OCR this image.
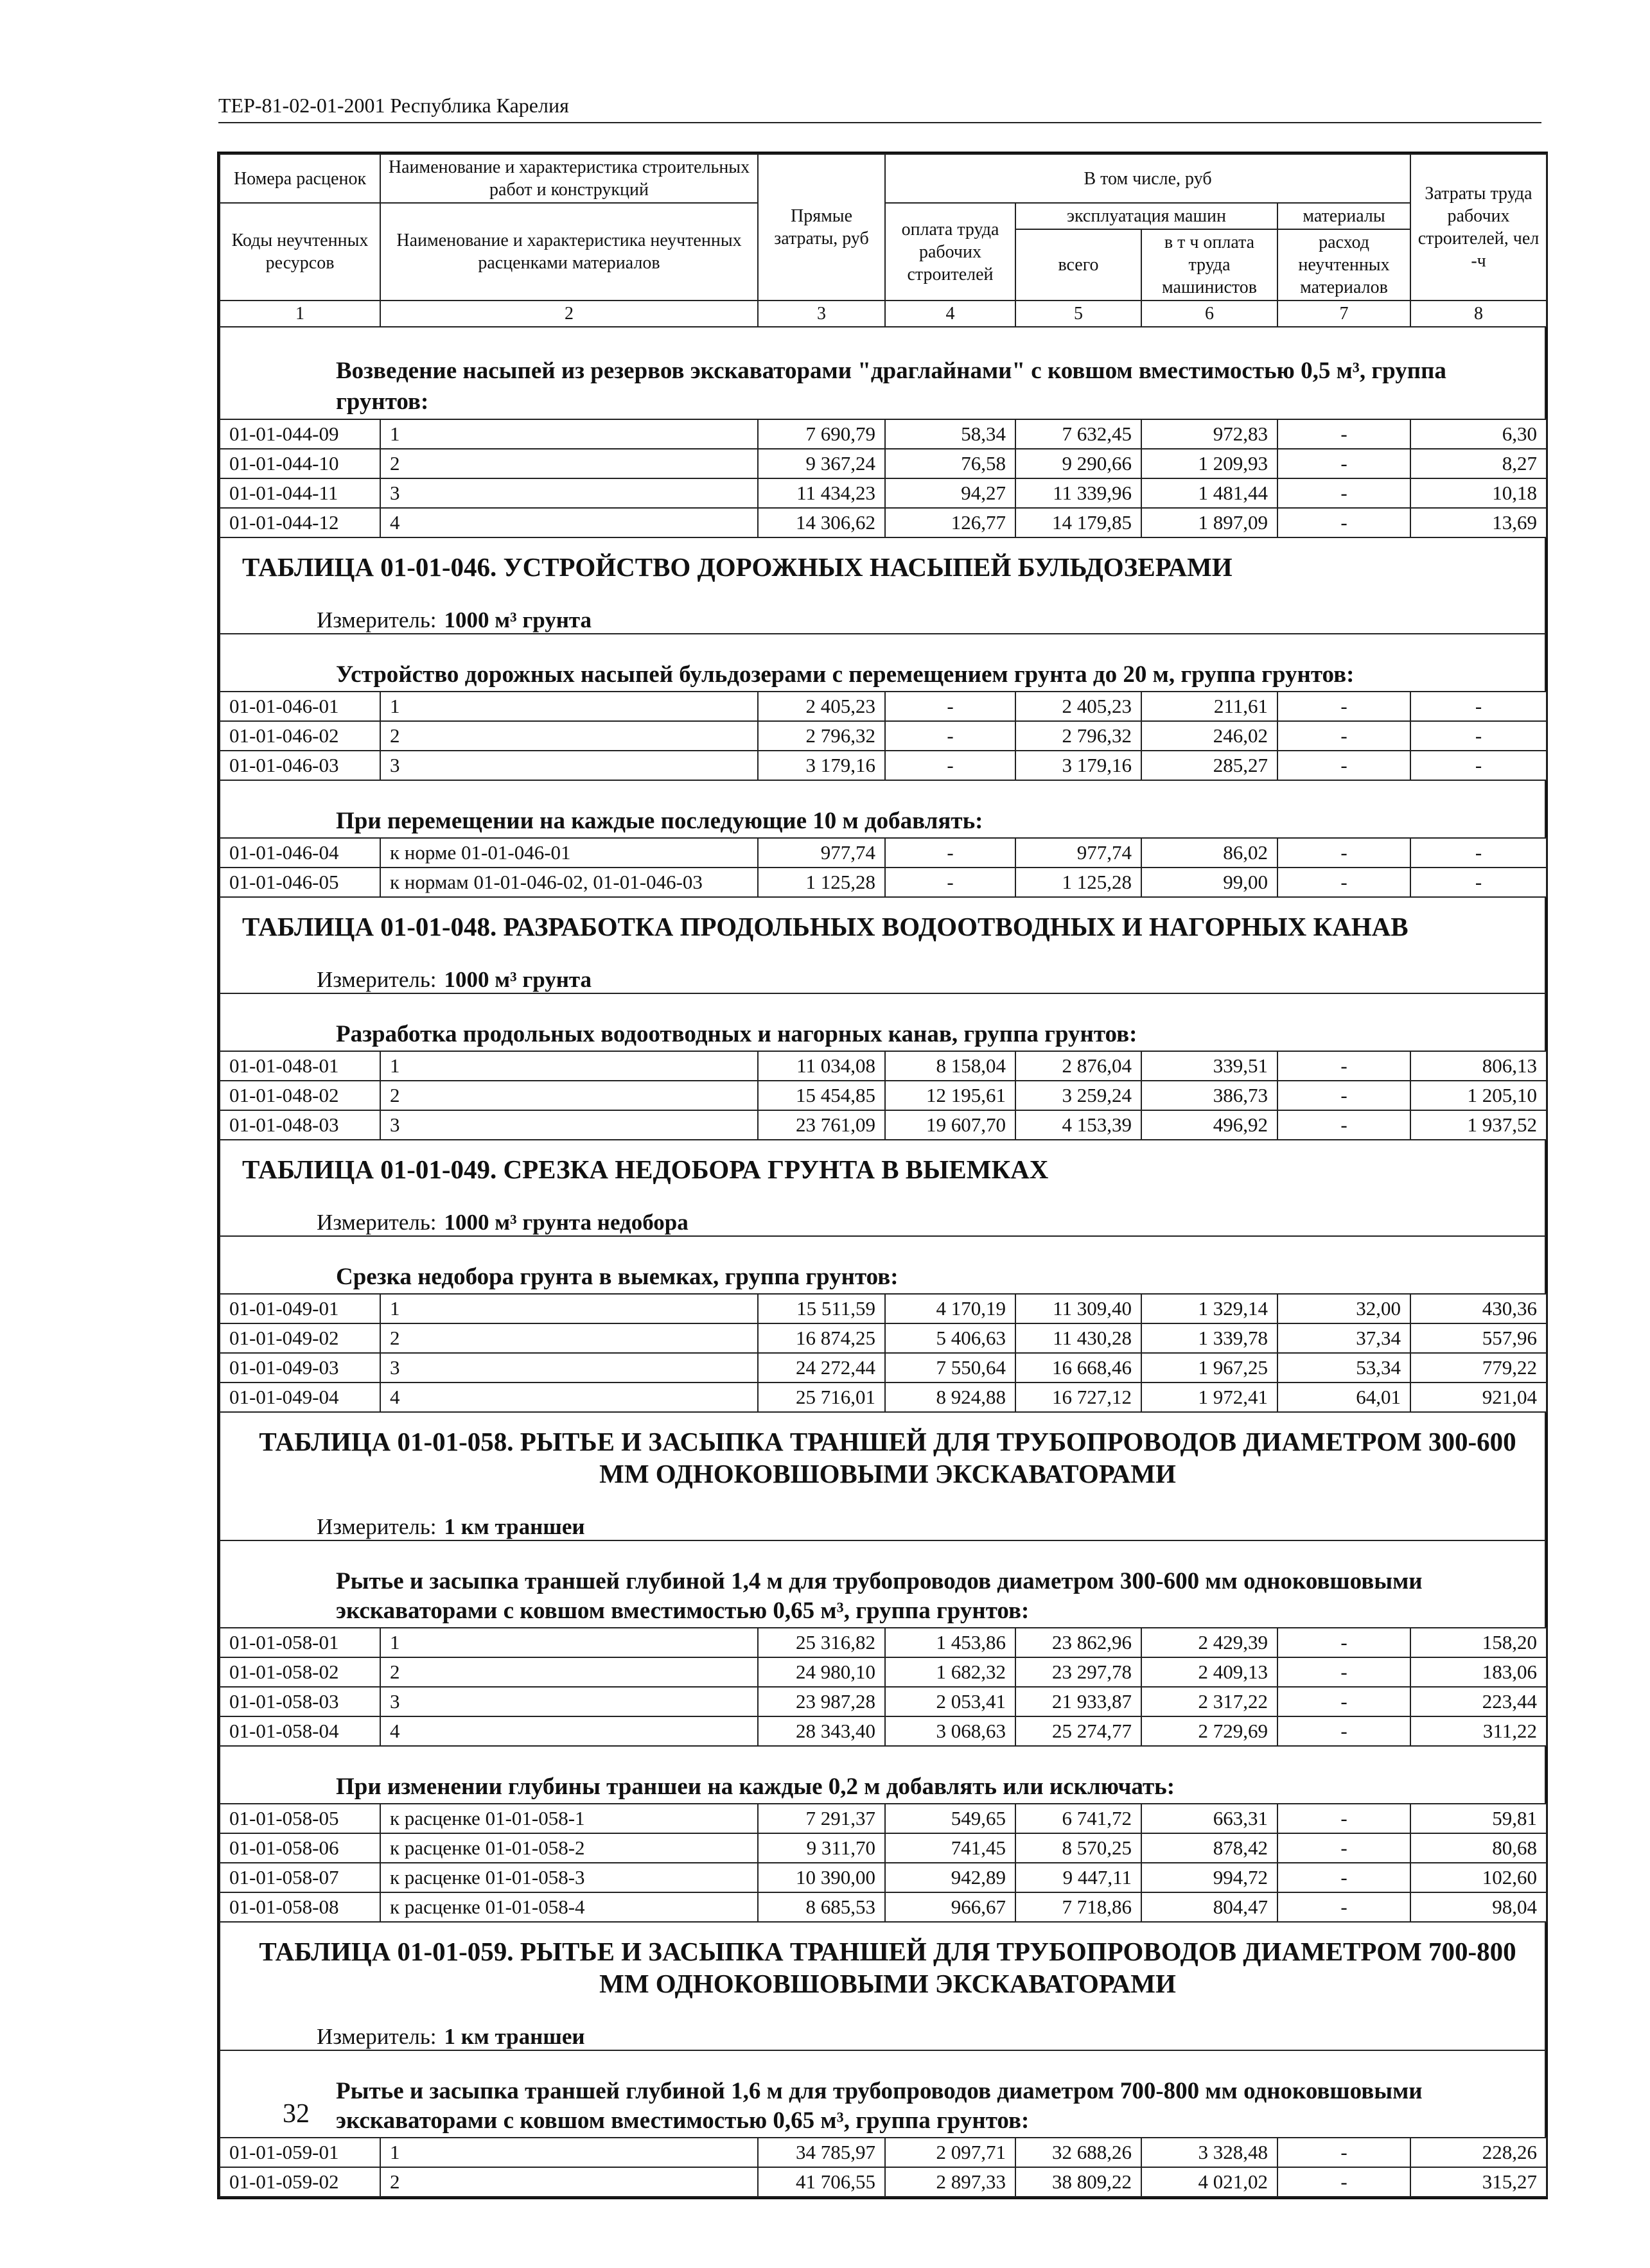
ТЕР-81-02-01-2001 Республика Карелия
Номера расценок	Наименование и характеристика строительных работ и конструкций	Прямые затраты, руб	В том числе, руб				Затраты труда рабочих строителей, чел -ч
Коды неучтенных ресурсов	Наименование и характеристика неучтенных расценками материалов		оплата труда рабочих строителей	эксплуатация машин		материалы	
				всего	в т ч оплата труда машинистов	расход неучтенных материалов	
1	2	3	4	5	6	7	8
Возведение насыпей из резервов экскаваторами "драглайнами" с ковшом вместимостью 0,5 м³, группа грунтов:
01-01-044-09	1	7 690,79	58,34	7 632,45	972,83	-	6,30
01-01-044-10	2	9 367,24	76,58	9 290,66	1 209,93	-	8,27
01-01-044-11	3	11 434,23	94,27	11 339,96	1 481,44	-	10,18
01-01-044-12	4	14 306,62	126,77	14 179,85	1 897,09	-	13,69
ТАБЛИЦА 01-01-046. УСТРОЙСТВО ДОРОЖНЫХ НАСЫПЕЙ БУЛЬДОЗЕРАМИ
Измеритель: 1000 м³ грунта
Устройство дорожных насыпей бульдозерами с перемещением грунта до 20 м, группа грунтов:
01-01-046-01	1	2 405,23	-	2 405,23	211,61	-	-
01-01-046-02	2	2 796,32	-	2 796,32	246,02	-	-
01-01-046-03	3	3 179,16	-	3 179,16	285,27	-	-
При перемещении на каждые последующие 10 м добавлять:
01-01-046-04	к норме 01-01-046-01	977,74	-	977,74	86,02	-	-
01-01-046-05	к нормам 01-01-046-02, 01-01-046-03	1 125,28	-	1 125,28	99,00	-	-
ТАБЛИЦА 01-01-048. РАЗРАБОТКА ПРОДОЛЬНЫХ ВОДООТВОДНЫХ И НАГОРНЫХ КАНАВ
Измеритель: 1000 м³ грунта
Разработка продольных водоотводных и нагорных канав, группа грунтов:
01-01-048-01	1	11 034,08	8 158,04	2 876,04	339,51	-	806,13
01-01-048-02	2	15 454,85	12 195,61	3 259,24	386,73	-	1 205,10
01-01-048-03	3	23 761,09	19 607,70	4 153,39	496,92	-	1 937,52
ТАБЛИЦА 01-01-049. СРЕЗКА НЕДОБОРА ГРУНТА В ВЫЕМКАХ
Измеритель: 1000 м³ грунта недобора
Срезка недобора грунта в выемках, группа грунтов:
01-01-049-01	1	15 511,59	4 170,19	11 309,40	1 329,14	32,00	430,36
01-01-049-02	2	16 874,25	5 406,63	11 430,28	1 339,78	37,34	557,96
01-01-049-03	3	24 272,44	7 550,64	16 668,46	1 967,25	53,34	779,22
01-01-049-04	4	25 716,01	8 924,88	16 727,12	1 972,41	64,01	921,04
ТАБЛИЦА 01-01-058. РЫТЬЕ И ЗАСЫПКА ТРАНШЕЙ ДЛЯ ТРУБОПРОВОДОВ ДИАМЕТРОМ 300-600 ММ ОДНОКОВШОВЫМИ ЭКСКАВАТОРАМИ
Измеритель: 1 км траншеи
Рытье и засыпка траншей глубиной 1,4 м для трубопроводов диаметром 300-600 мм одноковшовыми экскаваторами с ковшом вместимостью 0,65 м³, группа грунтов:
01-01-058-01	1	25 316,82	1 453,86	23 862,96	2 429,39	-	158,20
01-01-058-02	2	24 980,10	1 682,32	23 297,78	2 409,13	-	183,06
01-01-058-03	3	23 987,28	2 053,41	21 933,87	2 317,22	-	223,44
01-01-058-04	4	28 343,40	3 068,63	25 274,77	2 729,69	-	311,22
При изменении глубины траншеи на каждые 0,2 м добавлять или исключать:
01-01-058-05	к расценке 01-01-058-1	7 291,37	549,65	6 741,72	663,31	-	59,81
01-01-058-06	к расценке 01-01-058-2	9 311,70	741,45	8 570,25	878,42	-	80,68
01-01-058-07	к расценке 01-01-058-3	10 390,00	942,89	9 447,11	994,72	-	102,60
01-01-058-08	к расценке 01-01-058-4	8 685,53	966,67	7 718,86	804,47	-	98,04
ТАБЛИЦА 01-01-059. РЫТЬЕ И ЗАСЫПКА ТРАНШЕЙ ДЛЯ ТРУБОПРОВОДОВ ДИАМЕТРОМ 700-800 ММ ОДНОКОВШОВЫМИ ЭКСКАВАТОРАМИ
Измеритель: 1 км траншеи
Рытье и засыпка траншей глубиной 1,6 м для трубопроводов диаметром 700-800 мм одноковшовыми экскаваторами с ковшом вместимостью 0,65 м³, группа грунтов:
01-01-059-01	1	34 785,97	2 097,71	32 688,26	3 328,48	-	228,26
01-01-059-02	2	41 706,55	2 897,33	38 809,22	4 021,02	-	315,27
32
